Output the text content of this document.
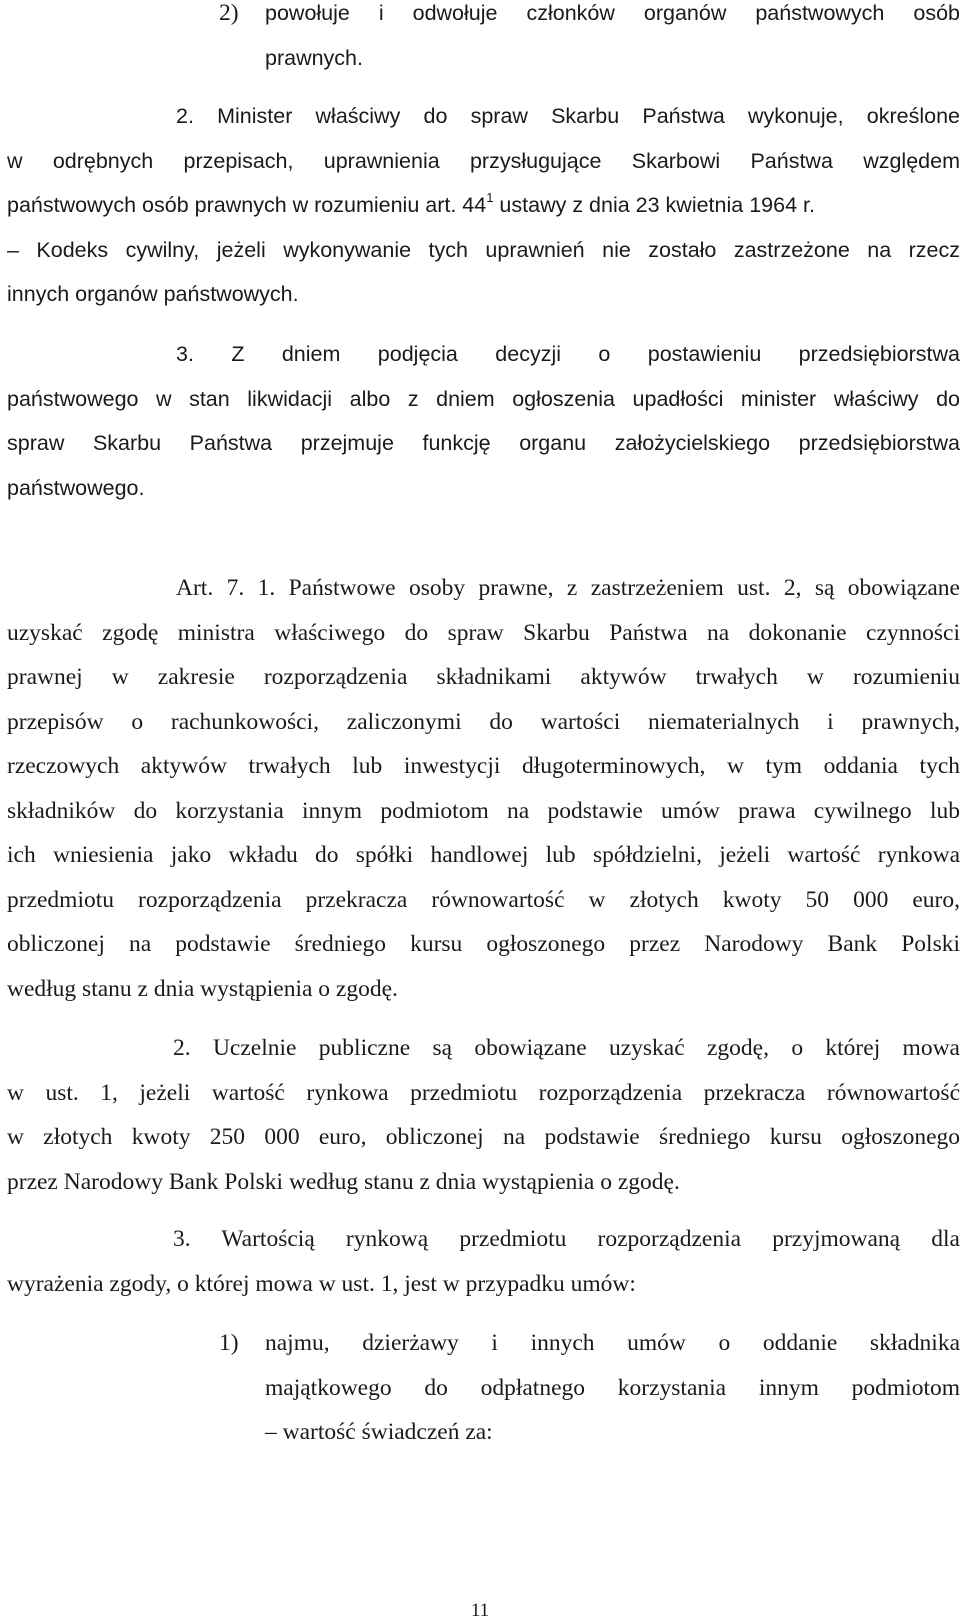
2) powołuje i odwołuje członków organów państwowych osób
prawnych.
2. Minister właściwy do spraw Skarbu Państwa wykonuje, określone
w odrębnych przepisach, uprawnienia przysługujące Skarbowi Państwa względem
państwowych osób prawnych w rozumieniu art. $44^1$ ustawy z dnia 23 kwietnia 1964 r.
– Kodeks cywilny, jeżeli wykonywanie tych uprawnień nie zostało zastrzeżone na rzecz
innych organów państwowych.
3. Z dniem podjęcia decyzji o postawieniu przedsiębiorstwa
państwowego w stan likwidacji albo z dniem ogłoszenia upadłości minister właściwy do
spraw Skarbu Państwa przejmuje funkcję organu założycielskiego przedsiębiorstwa
państwowego.
Art. 7. 1. Państwowe osoby prawne, z zastrzeżeniem ust. 2, są obowiązane
uzyskać zgodę ministra właściwego do spraw Skarbu Państwa na dokonanie czynności
prawnej w zakresie rozporządzenia składnikami aktywów trwałych w rozumieniu
przepisów o rachunkowości, zaliczonymi do wartości niematerialnych i prawnych,
rzeczowych aktywów trwałych lub inwestycji długoterminowych, w tym oddania tych
składników do korzystania innym podmiotom na podstawie umów prawa cywilnego lub
ich wniesienia jako wkładu do spółki handlowej lub spółdzielni, jeżeli wartość rynkowa
przedmiotu rozporządzenia przekracza równowartość w złotych kwoty 50 000 euro,
obliczonej na podstawie średniego kursu ogłoszonego przez Narodowy Bank Polski
według stanu z dnia wystąpienia o zgodę.
2. Uczelnie publiczne są obowiązane uzyskać zgodę, o której mowa
w ust. 1, jeżeli wartość rynkowa przedmiotu rozporządzenia przekracza równowartość
w złotych kwoty 250 000 euro, obliczonej na podstawie średniego kursu ogłoszonego
przez Narodowy Bank Polski według stanu z dnia wystąpienia o zgodę.
3. Wartością rynkową przedmiotu rozporządzenia przyjmowaną dla
wyrażenia zgody, o której mowa w ust. 1, jest w przypadku umów:
1) najmu, dzierżawy i innych umów o oddanie składnika
majątkowego do odpłatnego korzystania innym podmiotom
– wartość świadczeń za:
11
